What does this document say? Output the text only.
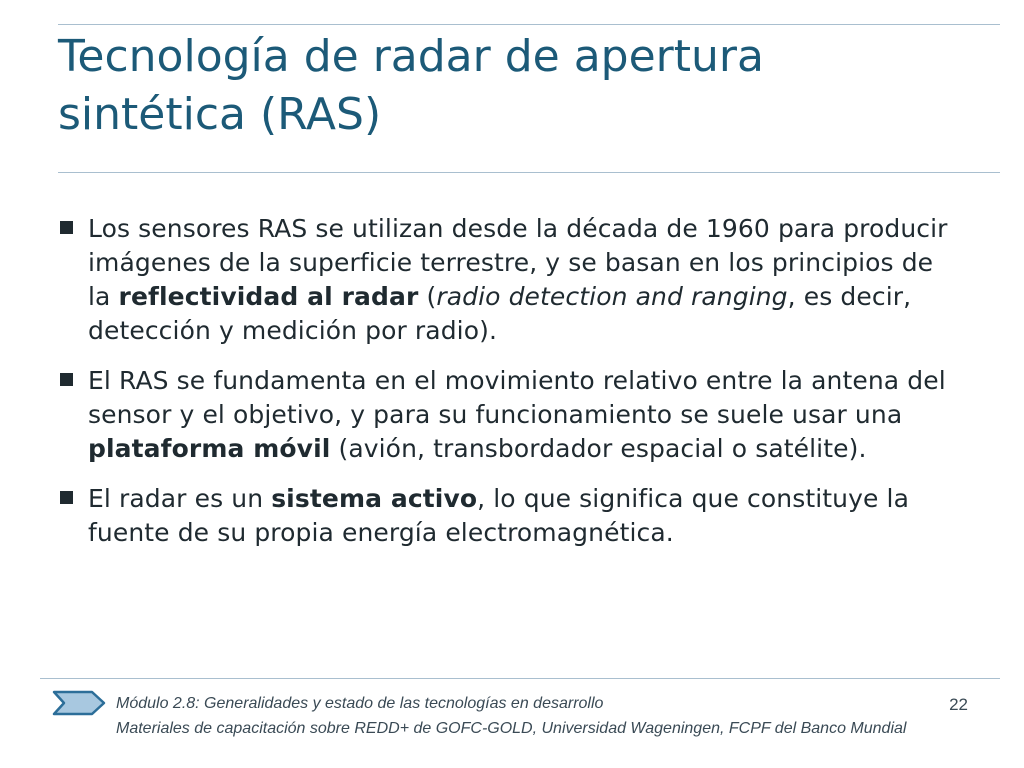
Tecnología de radar de apertura
sintética (RAS)
Los sensores RAS se utilizan desde la década de 1960 para producir imágenes de la superficie terrestre, y se basan en los principios de la reflectividad al radar (radio detection and ranging, es decir, detección y medición por radio).
El RAS se fundamenta en el movimiento relativo entre la antena del sensor y el objetivo, y para su funcionamiento se suele usar una plataforma móvil (avión, transbordador espacial o satélite).
El radar es un sistema activo, lo que significa que constituye la fuente de su propia energía electromagnética.
Módulo 2.8: Generalidades y estado de las tecnologías en desarrollo
Materiales de capacitación sobre REDD+ de GOFC-GOLD, Universidad Wageningen, FCPF del Banco Mundial
22
